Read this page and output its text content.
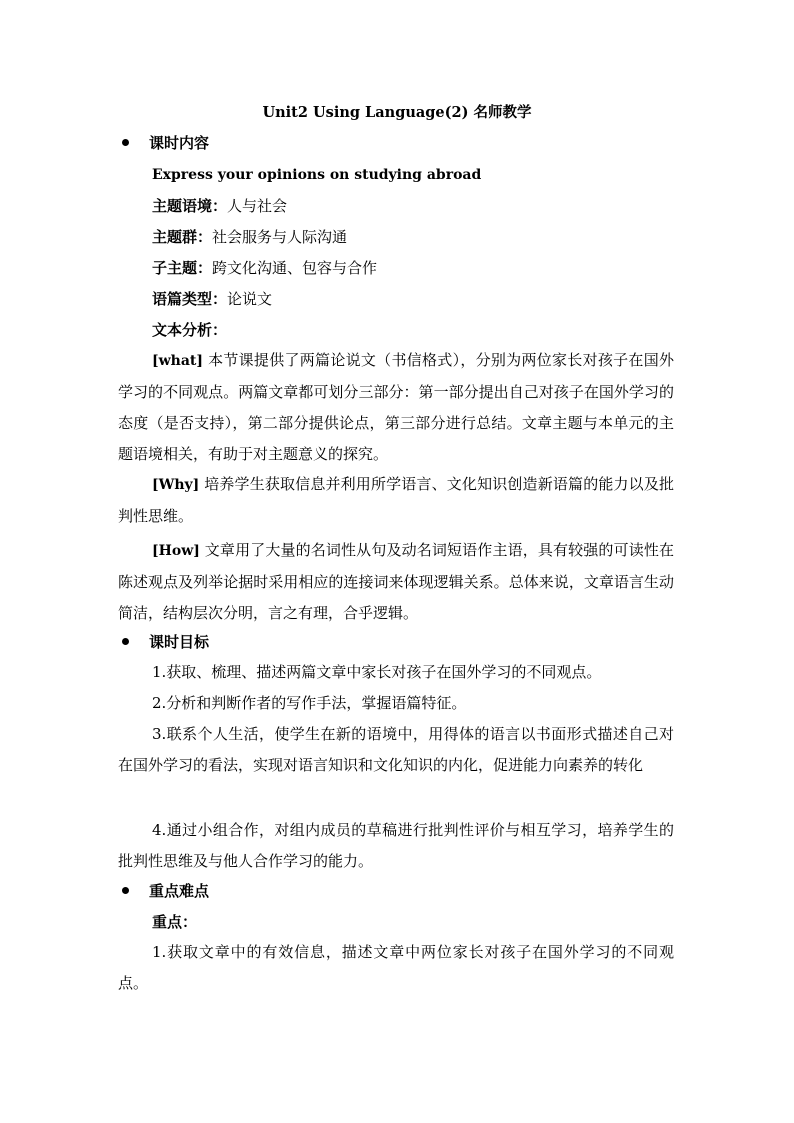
Unit2 Using Language(2) 名师教学
课时内容
Express your opinions on studying abroad
主题语境：人与社会
主题群：社会服务与人际沟通
子主题：跨文化沟通、包容与合作
语篇类型：论说文
文本分析：
[what] 本节课提供了两篇论说文（书信格式），分别为两位家长对孩子在国外学习的不同观点。两篇文章都可划分三部分：第一部分提出自己对孩子在国外学习的态度（是否支持），第二部分提供论点，第三部分进行总结。文章主题与本单元的主题语境相关，有助于对主题意义的探究。
[Why] 培养学生获取信息并利用所学语言、文化知识创造新语篇的能力以及批判性思维。
[How] 文章用了大量的名词性从句及动名词短语作主语，具有较强的可读性在陈述观点及列举论据时采用相应的连接词来体现逻辑关系。总体来说，文章语言生动简洁，结构层次分明，言之有理，合乎逻辑。
课时目标
1.获取、梳理、描述两篇文章中家长对孩子在国外学习的不同观点。
2.分析和判断作者的写作手法，掌握语篇特征。
3.联系个人生活，使学生在新的语境中，用得体的语言以书面形式描述自己对在国外学习的看法，实现对语言知识和文化知识的内化，促进能力向素养的转化
4.通过小组合作，对组内成员的草稿进行批判性评价与相互学习，培养学生的批判性思维及与他人合作学习的能力。
重点难点
重点：
1.获取文章中的有效信息，描述文章中两位家长对孩子在国外学习的不同观点。
